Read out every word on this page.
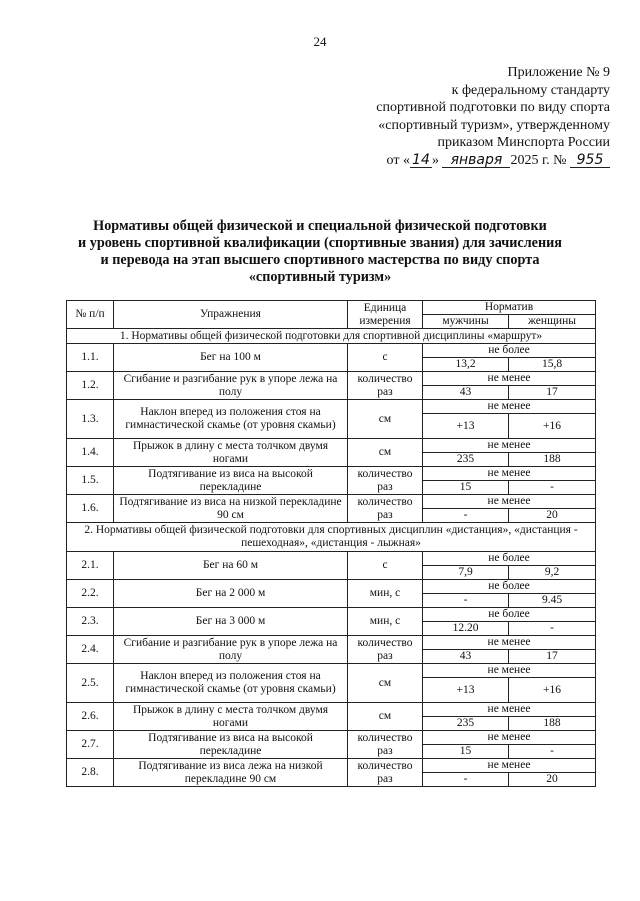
24
Приложение № 9
к федеральному стандарту
спортивной подготовки по виду спорта
«спортивный туризм», утвержденному
приказом Минспорта России
от « 14 » января 2025 г. № 955
Нормативы общей физической и специальной физической подготовки
и уровень спортивной квалификации (спортивные звания) для зачисления
и перевода на этап высшего спортивного мастерства по виду спорта
«спортивный туризм»
№ п/п	Упражнения	Единица измерения	Норматив	
			мужчины	женщины
1. Нормативы общей физической подготовки для спортивной дисциплины «маршрут»				
1.1.	Бег на 100 м	с	не более	
			13,2	15,8
1.2.	Сгибание и разгибание рук в упоре лежа на полу	количество раз	не менее	
			43	17
1.3.	Наклон вперед из положения стоя на гимнастической скамье (от уровня скамьи)	см	не менее	
			+13	+16
1.4.	Прыжок в длину с места толчком двумя ногами	см	не менее	
			235	188
1.5.	Подтягивание из виса на высокой перекладине	количество раз	не менее	
			15	-
1.6.	Подтягивание из виса на низкой перекладине 90 см	количество раз	не менее	
			-	20
2. Нормативы общей физической подготовки для спортивных дисциплин «дистанция», «дистанция - пешеходная», «дистанция - лыжная»				
2.1.	Бег на 60 м	с	не более	
			7,9	9,2
2.2.	Бег на 2 000 м	мин, с	не более	
			-	9.45
2.3.	Бег на 3 000 м	мин, с	не более	
			12.20	-
2.4.	Сгибание и разгибание рук в упоре лежа на полу	количество раз	не менее	
			43	17
2.5.	Наклон вперед из положения стоя на гимнастической скамье (от уровня скамьи)	см	не менее	
			+13	+16
2.6.	Прыжок в длину с места толчком двумя ногами	см	не менее	
			235	188
2.7.	Подтягивание из виса на высокой перекладине	количество раз	не менее	
			15	-
2.8.	Подтягивание из виса лежа на низкой перекладине 90 см	количество раз	не менее	
			-	20
